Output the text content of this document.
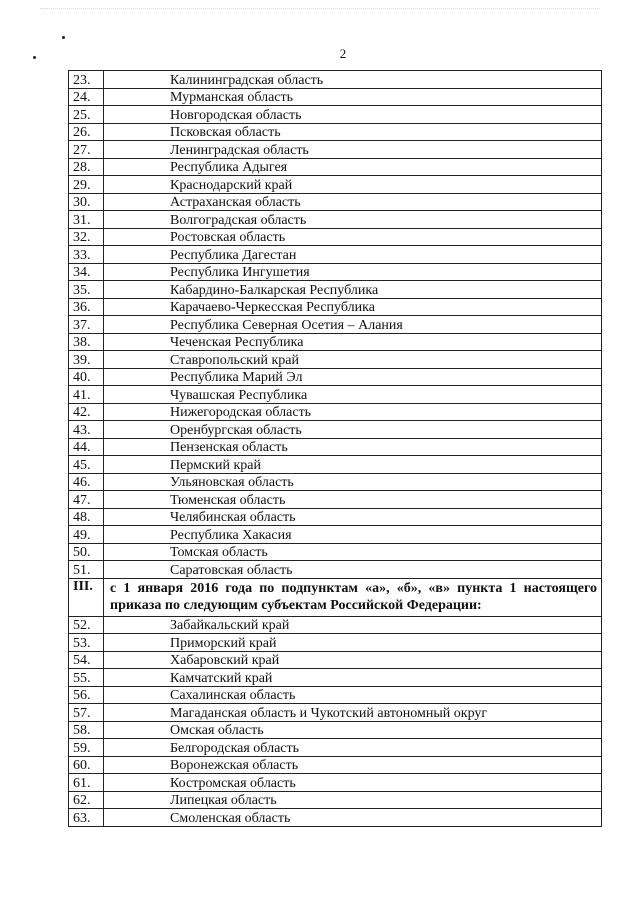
2
23.	Калининградская область
24.	Мурманская область
25.	Новгородская область
26.	Псковская область
27.	Ленинградская область
28.	Республика Адыгея
29.	Краснодарский край
30.	Астраханская область
31.	Волгоградская область
32.	Ростовская область
33.	Республика Дагестан
34.	Республика Ингушетия
35.	Кабардино-Балкарская Республика
36.	Карачаево-Черкесская Республика
37.	Республика Северная Осетия – Алания
38.	Чеченская Республика
39.	Ставропольский край
40.	Республика Марий Эл
41.	Чувашская Республика
42.	Нижегородская область
43.	Оренбургская область
44.	Пензенская область
45.	Пермский край
46.	Ульяновская область
47.	Тюменская область
48.	Челябинская область
49.	Республика Хакасия
50.	Томская область
51.	Саратовская область
III.	с 1 января 2016 года по подпунктам «а», «б», «в» пункта 1 настоящего приказа по следующим субъектам Российской Федерации:
52.	Забайкальский край
53.	Приморский край
54.	Хабаровский край
55.	Камчатский край
56.	Сахалинская область
57.	Магаданская область и Чукотский автономный округ
58.	Омская область
59.	Белгородская область
60.	Воронежская область
61.	Костромская область
62.	Липецкая область
63.	Смоленская область
